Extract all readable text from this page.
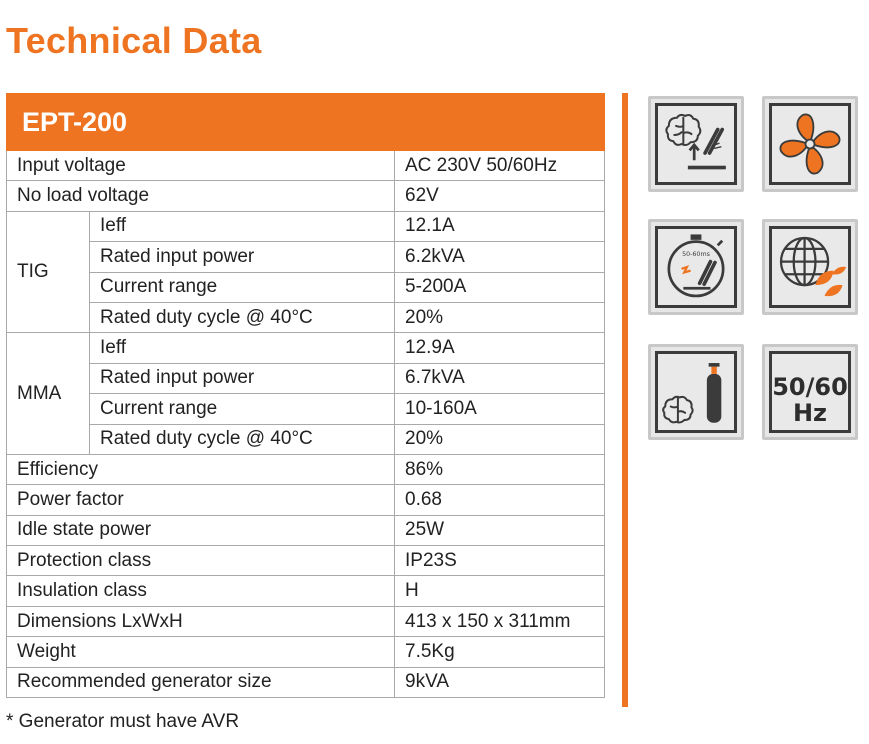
Technical Data
EPT-200		
Input voltage		AC 230V 50/60Hz
No load voltage		62V
TIG	Ieff	12.1A
	Rated input power	6.2kVA
	Current range	5-200A
	Rated duty cycle @ 40°C	20%
MMA	Ieff	12.9A
	Rated input power	6.7kVA
	Current range	10-160A
	Rated duty cycle @ 40°C	20%
Efficiency		86%
Power factor		0.68
Idle state power		25W
Protection class		IP23S
Insulation class		H
Dimensions LxWxH		413 x 150 x 311mm
Weight		7.5Kg
Recommended generator size		9kVA
* Generator must have AVR
50-60ms
50/60
Hz
